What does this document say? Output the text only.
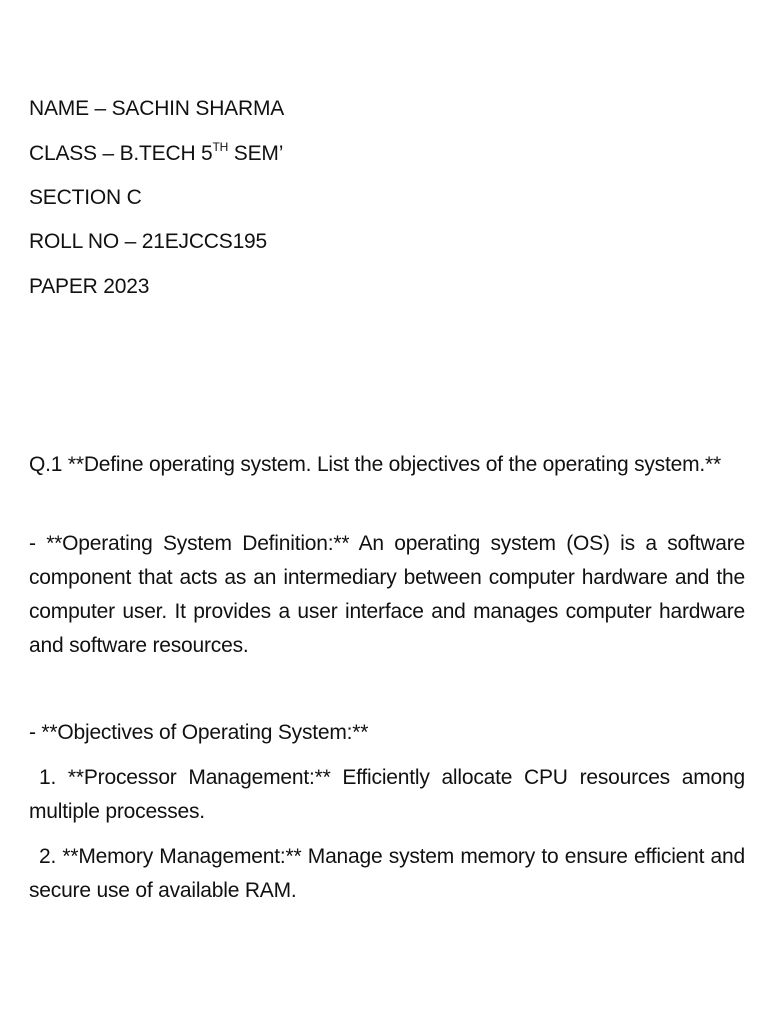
NAME – SACHIN SHARMA
CLASS – B.TECH 5TH SEM’
SECTION C
ROLL NO – 21EJCCS195
PAPER 2023

Q.1 **Define operating system. List the objectives of the operating system.**

- **Operating System Definition:** An operating system (OS) is a software component that acts as an intermediary between computer hardware and the computer user. It provides a user interface and manages computer hardware and software resources.

- **Objectives of Operating System:**

1. **Processor Management:** Efficiently allocate CPU resources among multiple processes.

2. **Memory Management:** Manage system memory to ensure efficient and secure use of available RAM.
